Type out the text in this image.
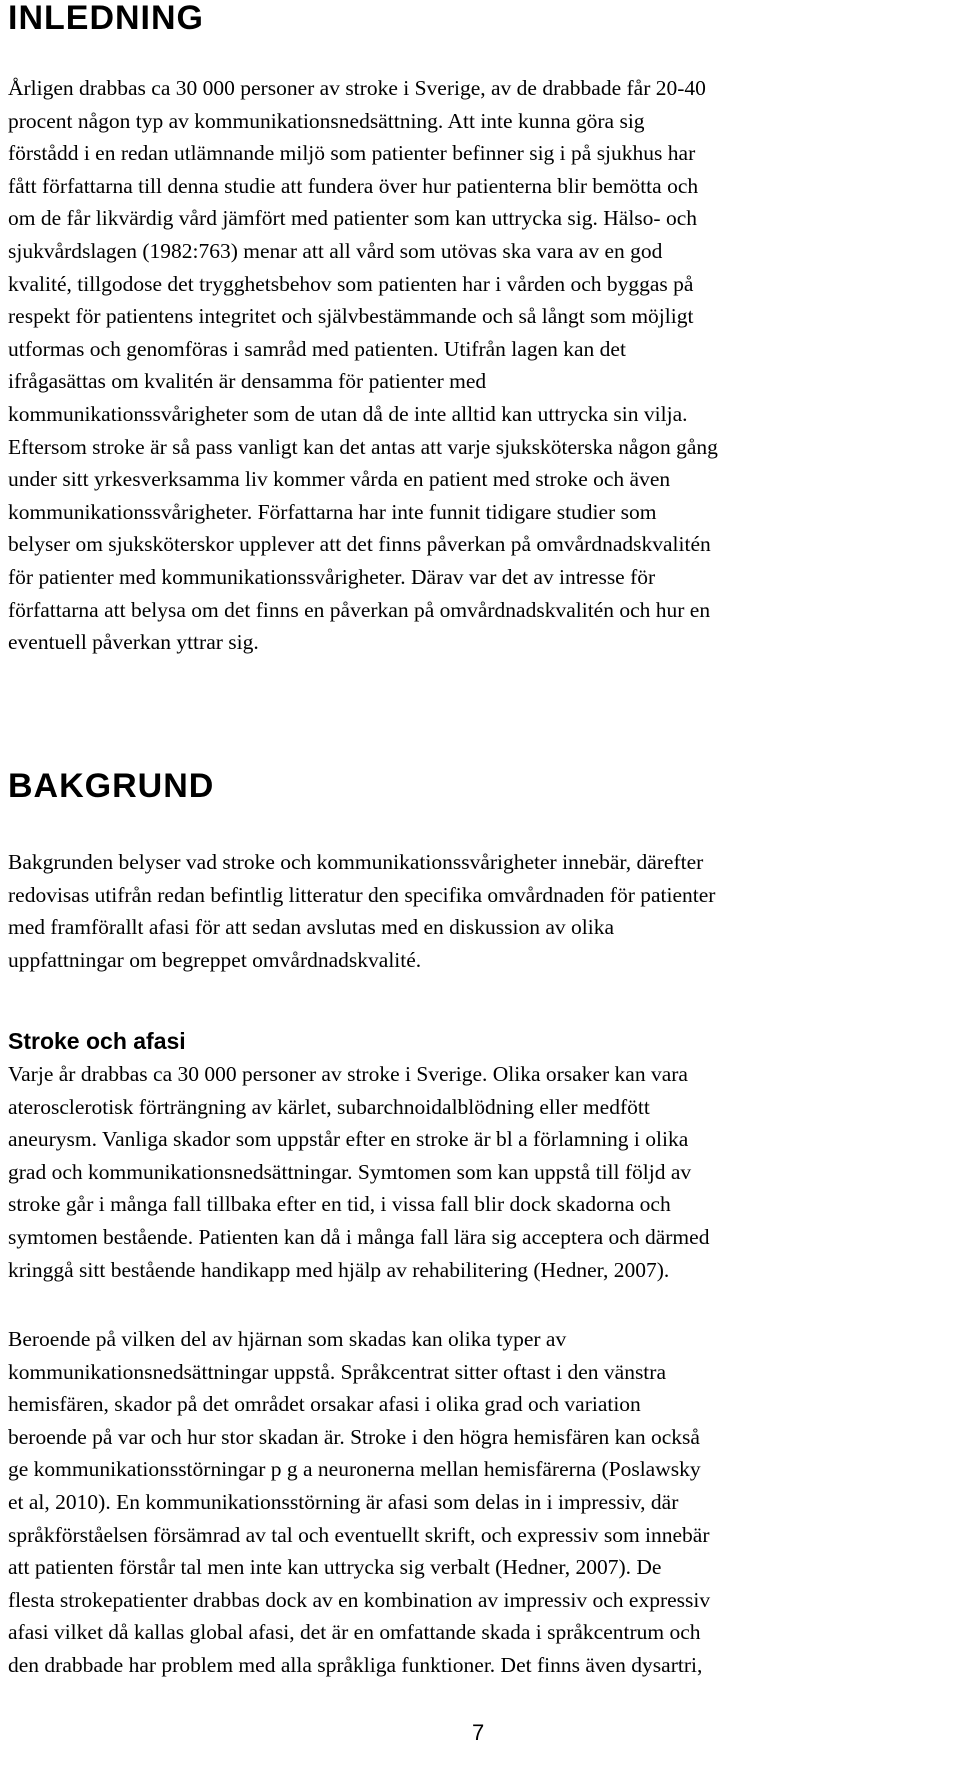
INLEDNING
Årligen drabbas ca 30 000 personer av stroke i Sverige, av de drabbade får 20-40
procent någon typ av kommunikationsnedsättning. Att inte kunna göra sig
förstådd i en redan utlämnande miljö som patienter befinner sig i på sjukhus har
fått författarna till denna studie att fundera över hur patienterna blir bemötta och
om de får likvärdig vård jämfört med patienter som kan uttrycka sig. Hälso- och
sjukvårdslagen (1982:763) menar att all vård som utövas ska vara av en god
kvalité, tillgodose det trygghetsbehov som patienten har i vården och byggas på
respekt för patientens integritet och självbestämmande och så långt som möjligt
utformas och genomföras i samråd med patienten. Utifrån lagen kan det
ifrågasättas om kvalitén är densamma för patienter med
kommunikationssvårigheter som de utan då de inte alltid kan uttrycka sin vilja.
Eftersom stroke är så pass vanligt kan det antas att varje sjuksköterska någon gång
under sitt yrkesverksamma liv kommer vårda en patient med stroke och även
kommunikationssvårigheter. Författarna har inte funnit tidigare studier som
belyser om sjuksköterskor upplever att det finns påverkan på omvårdnadskvalitén
för patienter med kommunikationssvårigheter. Därav var det av intresse för
författarna att belysa om det finns en påverkan på omvårdnadskvalitén och hur en
eventuell påverkan yttrar sig.
BAKGRUND
Bakgrunden belyser vad stroke och kommunikationssvårigheter innebär, därefter
redovisas utifrån redan befintlig litteratur den specifika omvårdnaden för patienter
med framförallt afasi för att sedan avslutas med en diskussion av olika
uppfattningar om begreppet omvårdnadskvalité.
Stroke och afasi
Varje år drabbas ca 30 000 personer av stroke i Sverige. Olika orsaker kan vara
aterosclerotisk förträngning av kärlet, subarchnoidalblödning eller medfött
aneurysm. Vanliga skador som uppstår efter en stroke är bl a förlamning i olika
grad och kommunikationsnedsättningar. Symtomen som kan uppstå till följd av
stroke går i många fall tillbaka efter en tid, i vissa fall blir dock skadorna och
symtomen bestående. Patienten kan då i många fall lära sig acceptera och därmed
kringgå sitt bestående handikapp med hjälp av rehabilitering (Hedner, 2007).
Beroende på vilken del av hjärnan som skadas kan olika typer av
kommunikationsnedsättningar uppstå. Språkcentrat sitter oftast i den vänstra
hemisfären, skador på det området orsakar afasi i olika grad och variation
beroende på var och hur stor skadan är. Stroke i den högra hemisfären kan också
ge kommunikationsstörningar p g a neuronerna mellan hemisfärerna (Poslawsky
et al, 2010). En kommunikationsstörning är afasi som delas in i impressiv, där
språkförståelsen försämrad av tal och eventuellt skrift, och expressiv som innebär
att patienten förstår tal men inte kan uttrycka sig verbalt (Hedner, 2007). De
flesta strokepatienter drabbas dock av en kombination av impressiv och expressiv
afasi vilket då kallas global afasi, det är en omfattande skada i språkcentrum och
den drabbade har problem med alla språkliga funktioner. Det finns även dysartri,
7
